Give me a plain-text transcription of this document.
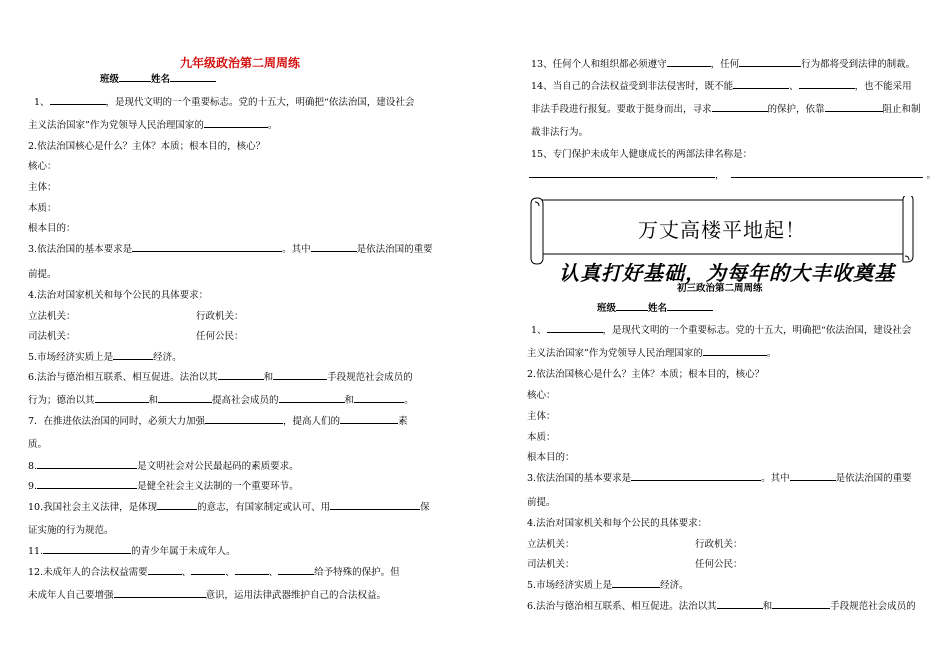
九年级政治第二周周练
班级	姓名
1、	，是现代文明的一个重要标志。党的十五大，明确把“依法治国，建设社会
主义法治国家”作为党领导人民治理国家的	。
2.依法治国核心是什么？主体？本质；根本目的，核心？
核心：
主体：
本质：
根本目的：
3.依法治国的基本要求是	。其中	是依法治国的重要
前提。
4.法治对国家机关和每个公民的具体要求：
立法机关：	行政机关：
司法机关：	任何公民：
5.市场经济实质上是	经济。
6.法治与德治相互联系、相互促进。法治以其	和	手段规范社会成员的
行为；德治以其	和	提高社会成员的	和	。
7．在推进依法治国的同时，必须大力加强	，提高人们的	素
质。
8.	是文明社会对公民最起码的素质要求。
9.	是健全社会主义法制的一个重要环节。
10.我国社会主义法律，是体现	的意志，有国家制定或认可、用	保
证实施的行为规范。
11.	的青少年属于未成年人。
12.未成年人的合法权益需要	、	、	、	给予特殊的保护。但
未成年人自己要增强	意识，运用法律武器维护自己的合法权益。
13、任何个人和组织都必须遵守	，任何	行为都将受到法律的制裁。
14、当自己的合法权益受到非法侵害时，既不能	、	，也不能采用
非法手段进行报复。要敢于挺身而出，寻求	的保护，依靠	阻止和制
裁非法行为。
15、专门保护未成年人健康成长的两部法律名称是：
，	。
万丈高楼平地起！
认真打好基础，为每年的大丰收奠基
初三政治第二周周练
班级	姓名
1、	，是现代文明的一个重要标志。党的十五大，明确把“依法治国，建设社会
主义法治国家”作为党领导人民治理国家的	。
2.依法治国核心是什么？主体？本质；根本目的，核心？
核心：
主体：
本质：
根本目的：
3.依法治国的基本要求是	。其中	是依法治国的重要
前提。
4.法治对国家机关和每个公民的具体要求：
立法机关：	行政机关：
司法机关：	任何公民：
5.市场经济实质上是	经济。
6.法治与德治相互联系、相互促进。法治以其	和	手段规范社会成员的
